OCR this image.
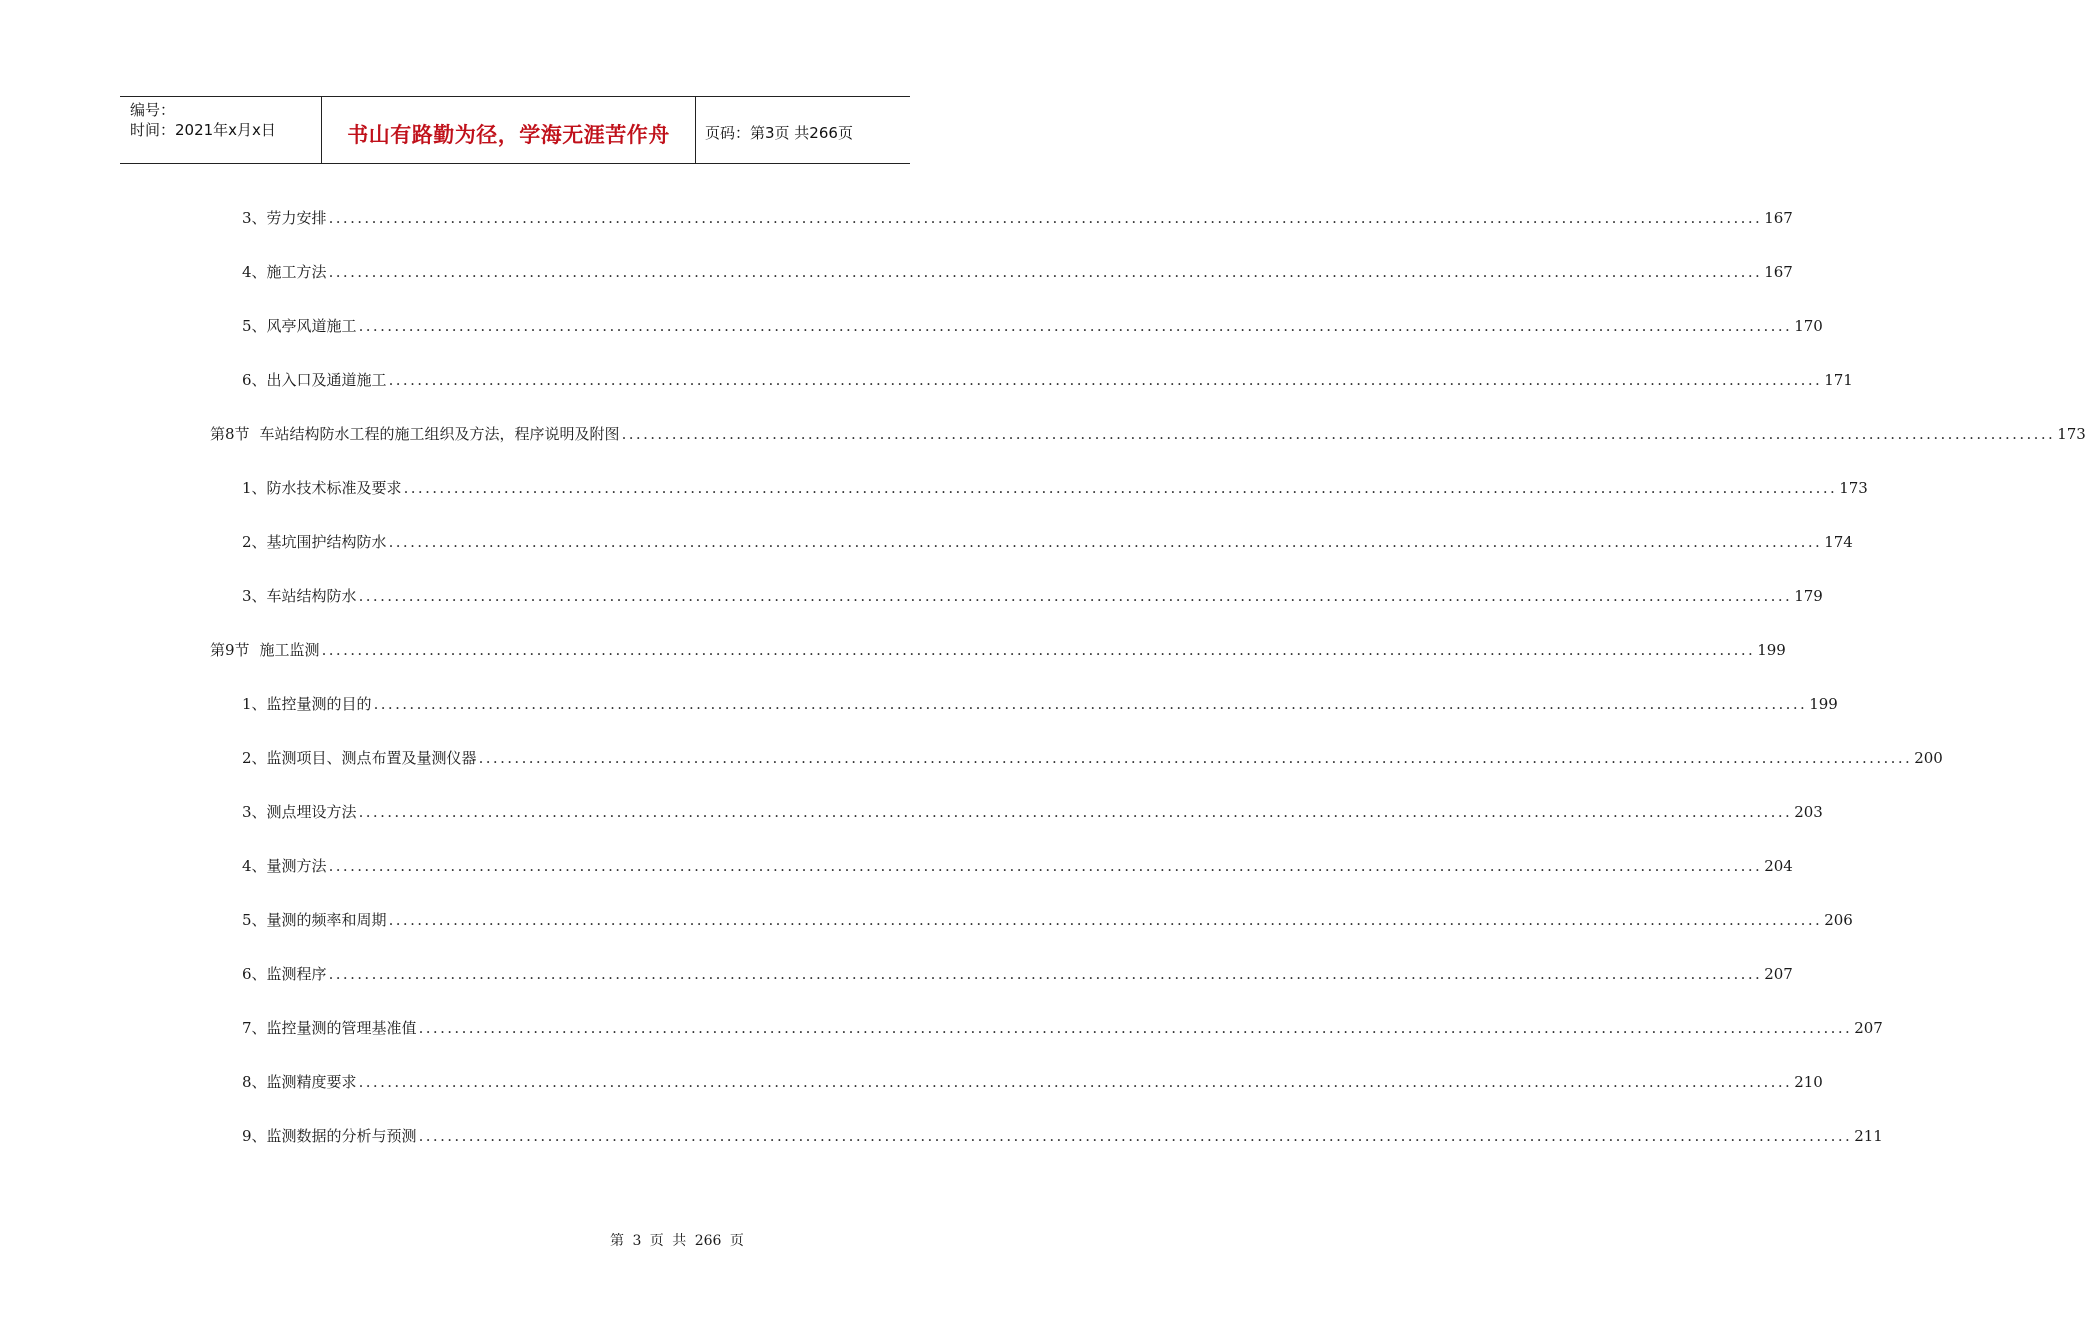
编号：
时间：2021年x月x日	书山有路勤为径，学海无涯苦作舟	页码：第3页 共266页
3、 劳力安排 ........................................................................................................................................................................................................ 167
4、 施工方法 ........................................................................................................................................................................................................ 167
5、 风亭风道施工 ........................................................................................................................................................................................................ 170
6、 出入口及通道施工 ........................................................................................................................................................................................................ 171
第8节 车站结构防水工程的施工组织及方法，程序说明及附图 ........................................................................................................................................................................................................ 173
1、 防水技术标准及要求 ........................................................................................................................................................................................................ 173
2、 基坑围护结构防水 ........................................................................................................................................................................................................ 174
3、 车站结构防水 ........................................................................................................................................................................................................ 179
第9节 施工监测 ........................................................................................................................................................................................................ 199
1、 监控量测的目的 ........................................................................................................................................................................................................ 199
2、 监测项目、测点布置及量测仪器 ........................................................................................................................................................................................................ 200
3、 测点埋设方法 ........................................................................................................................................................................................................ 203
4、 量测方法 ........................................................................................................................................................................................................ 204
5、 量测的频率和周期 ........................................................................................................................................................................................................ 206
6、 监测程序 ........................................................................................................................................................................................................ 207
7、 监控量测的管理基准值 ........................................................................................................................................................................................................ 207
8、 监测精度要求 ........................................................................................................................................................................................................ 210
9、 监测数据的分析与预测 ........................................................................................................................................................................................................ 211
第 3 页 共 266 页
